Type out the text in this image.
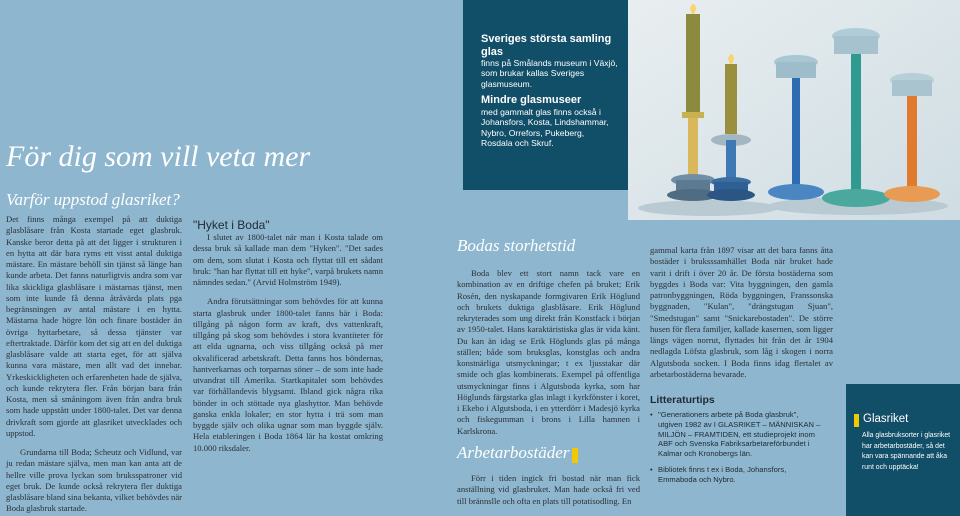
För dig som vill veta mer
Sveriges största samling glas
finns på Smålands museum i Växjö, som brukar kallas Sveriges glasmuseum.
Mindre glasmuseer
med gammalt glas finns också i Johansfors, Kosta, Lindshammar, Nybro, Orrefors, Pukeberg, Rosdala och Skruf.
Varför uppstod glasriket?

Det finns många exempel på att duktiga glasblåsare från Kosta startade eget glasbruk. Kanske beror detta på att det ligger i strukturen i en hytta att där bara ryms ett visst antal duktiga mästare. En mästare behöll sin tjänst så länge han kunde arbeta. Det fanns naturligtvis andra som var lika skickliga glasblåsare i mästarnas tjänst, men som inte kunde få denna åtråvärda plats pga begränsningen av antal mästare i en hytta. Mästarna hade högre lön och finare bostäder än övriga hyttarbetare, så dessa tjänster var eftertraktade. Därför kom det sig att en del duktiga glasblåsare valde att starta eget, för att själva kunna vara mästare, men allt vad det innebar. Yrkeskickligheten och erfarenheten hade de själva, och kunde rekrytera fler. Från början bara från Kosta, men så småningom även från andra bruk som hade uppstått under 1800-talet. Det var denna drivkraft som gjorde att glasriket utvecklades och uppstod.

Grundarna till Boda; Scheutz och Vidlund, var ju redan mästare själva, men man kan anta att de hellre ville prova lyckan som bruksspatroner vid eget bruk. De kunde också rekrytera fler duktiga glasblåsare bland sina bekanta, vilket behövdes när Boda glasbruk startade.

"Hyket i Boda"

I slutet av 1800-talet när man i Kosta talade om dessa bruk så kallade man dem "Hyken". "Det sades om dem, som slutat i Kosta och flyttat till ett sådant bruk: "han har flyttat till ett hyke", varpå brukets namn nämndes sedan." (Arvid Holmström 1949).

Andra förutsättningar som behövdes för att kunna starta glasbruk under 1800-talet fanns här i Boda: tillgång på någon form av kraft, dvs vattenkraft, tillgång på skog som behövdes i stora kvantiteter för att elda ugnarna, och viss tillgång också på mer okvalificerad arbetskraft. Detta fanns hos böndernas, hantverkarnas och torparnas söner – de som inte hade utvandrat till Amerika. Startkapitalet som behövdes var förhållandevis blygsamt. Ibland gick några rika bönder in och stöttade nya glashyttor. Man behövde ganska enkla lokaler; en stor hytta i trä som man byggde själv och olika ugnar som man byggde själv. Hela etableringen i Boda 1864 lär ha kostat omkring 10.000 riksdaler.

Bodas storhetstid

Boda blev ett stort namn tack vare en kombination av en driftige chefen på bruket; Erik Rosén, den nyskapande formgivaren Erik Höglund och brukets duktiga glasblåsare. Erik Höglund rekryterades som ung direkt från Konstfack i början av 1950-talet. Hans karaktäristiska glas är vida känt. Du kan än idag se Erik Höglunds glas på många ställen; både som bruksglas, konstglas och andra konstnärliga utsmyckningar; t ex ljusstakar där smide och glas kombinerats. Exempel på offentliga utsmyckningar finns i Algutsboda kyrka, som har Höglunds färgstarka glas inlagt i kyrkfönster i koret, i Ekebo i Algutsboda, i en ytterdörr i Madesjö kyrka och fiskegumman i brons i Lilla hamnen i Karlskrona.

Arbetarbostäder

Förr i tiden ingick fri bostad när man fick anställning vid glasbruket. Man hade också fri ved till brännslle och ofta en plats till potatisodling. En

gammal karta från 1897 visar att det bara fanns åtta bostäder i bruksssamhället Boda när bruket hade varit i drift i över 20 år. De första bostäderna som byggdes i Boda var: Vita byggningen, den gamla patronbyggningen, Röda byggningen, Franssonska byggnaden, "Kulan", "drängstugan Sjuan", "Smedstugan" samt "Snickarebostaden". De större husen för flera familjer, kallade kasernen, som ligger längs vägen norrut, flyttades hit från det år 1904 nedlagda Löfsta glasbruk, som låg i skogen i norra Algutsboda socken. I Boda finns idag flertalet av arbetarbostäderna bevarade.

Litteraturtips
• "Generationers arbete på Boda glasbruk", utgiven 1982 av I GLASRIKET – MÄNNISKAN – MILJÖN – FRAMTIDEN, ett studieprojekt inom ABF och Svenska Fabriksarbetareförbundet i Kalmar och Kronobergs län.
• Bibliotek finns t ex i Boda, Johansfors, Emmaboda och Nybro.
Glasriket
Alla glasbruksorter i glasriket har arbetarbostäder, så det kan vara spännande att åka runt och upptäcka!
